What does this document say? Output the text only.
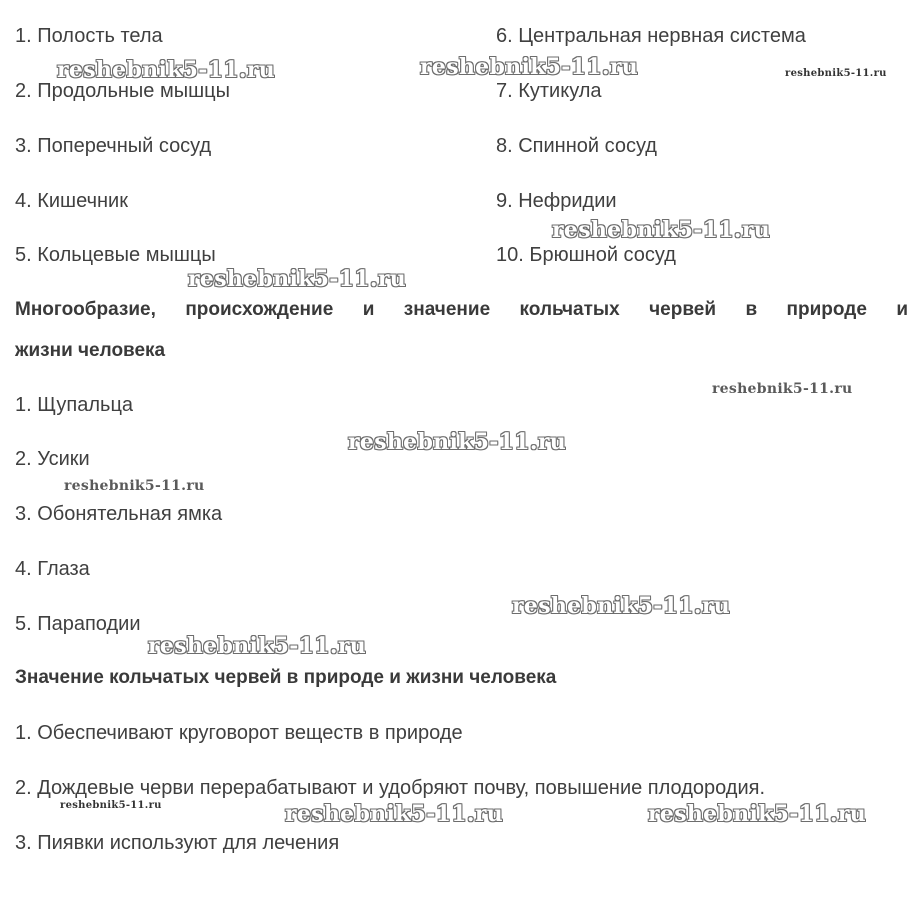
1. Полость тела
2. Продольные мышцы
3. Поперечный сосуд
4. Кишечник
5. Кольцевые мышцы
6. Центральная нервная система
7. Кутикула
8. Спинной сосуд
9. Нефридии
10. Брюшной сосуд
Многообразие, происхождение и значение кольчатых червей в природе и
жизни человека
1. Щупальца
2. Усики
3. Обонятельная ямка
4. Глаза
5. Параподии
Значение кольчатых червей в природе и жизни человека
1. Обеспечивают круговорот веществ в природе
2. Дождевые черви перерабатывают и удобряют почву, повышение плодородия.
3. Пиявки используют для лечения
reshebnik5-11.ru	reshebnik5-11.ru	reshebnik5-11.ru
reshebnik5-11.ru
reshebnik5-11.ru
reshebnik5-11.ru
reshebnik5-11.ru
reshebnik5-11.ru
reshebnik5-11.ru
reshebnik5-11.ru
reshebnik5-11.ru	reshebnik5-11.ru	reshebnik5-11.ru
